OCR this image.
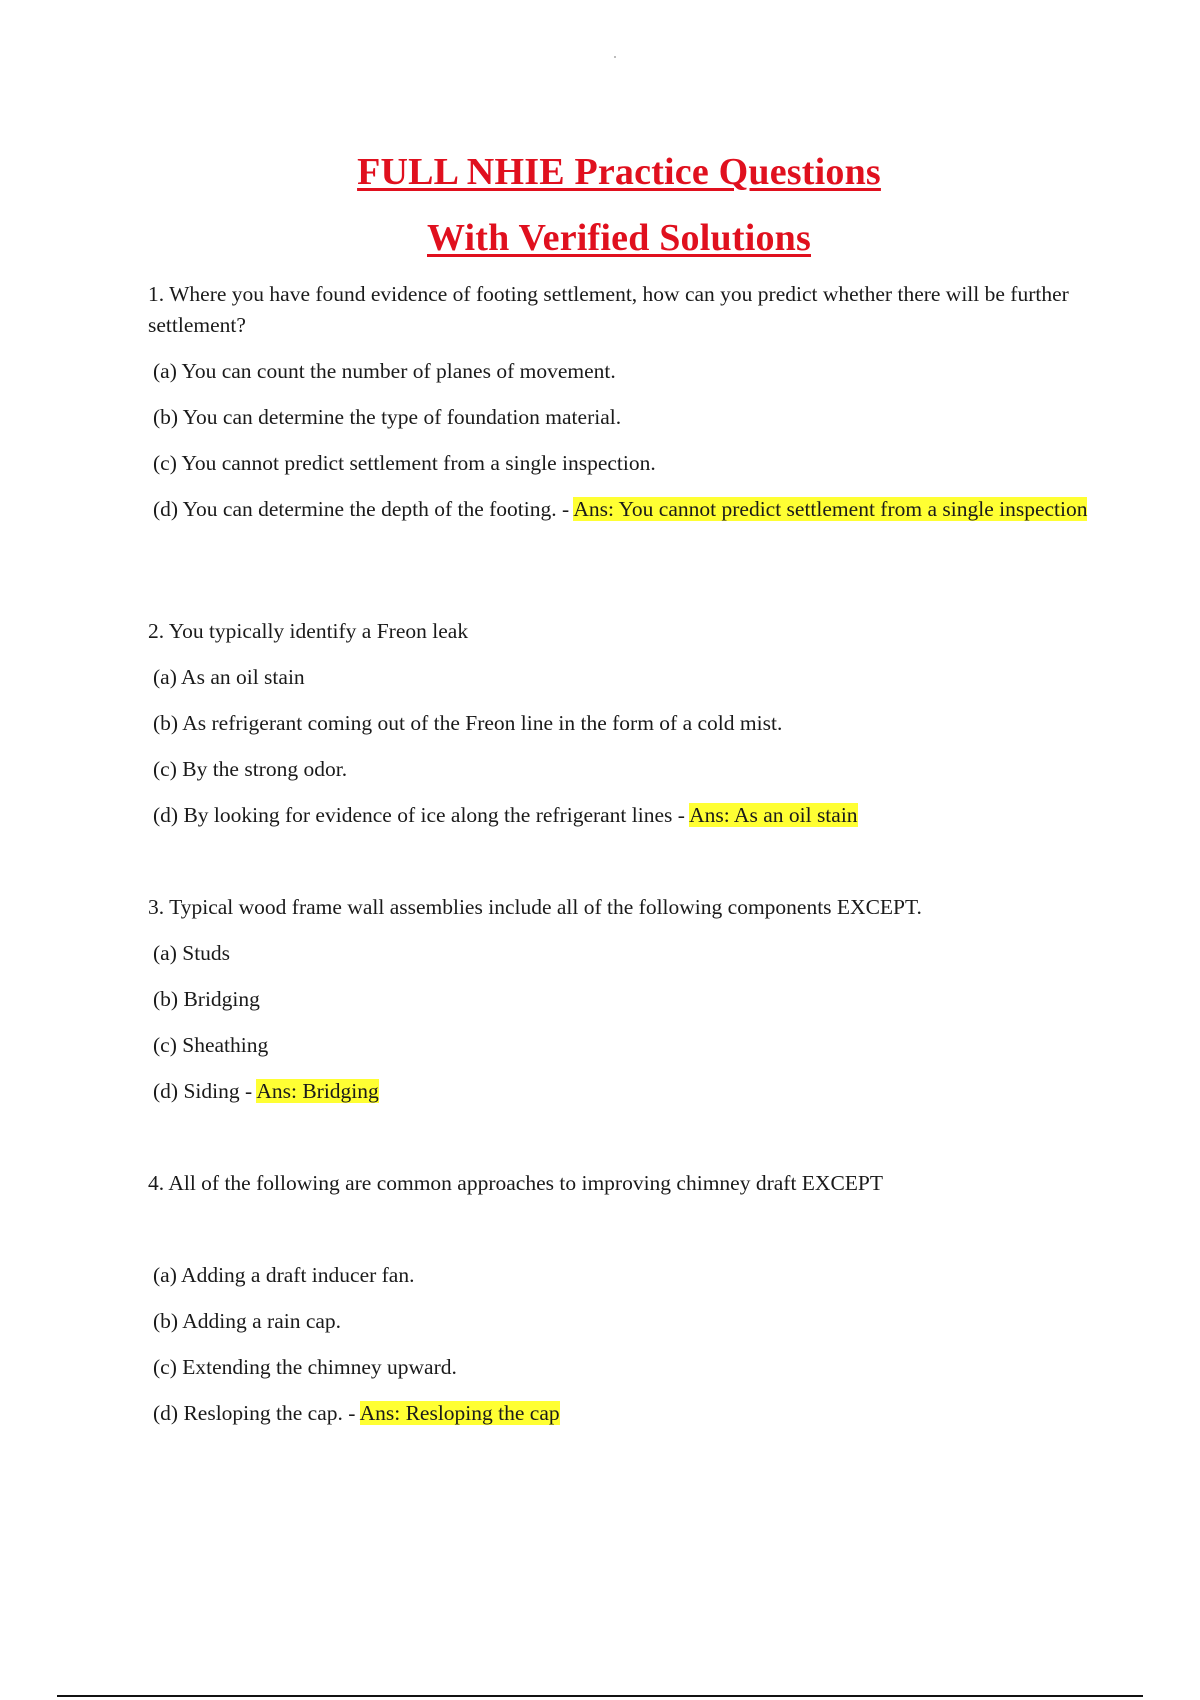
FULL NHIE Practice Questions
With Verified Solutions
1. Where you have found evidence of footing settlement, how can you predict whether there will be further settlement?
(a) You can count the number of planes of movement.
(b) You can determine the type of foundation material.
(c) You cannot predict settlement from a single inspection.
(d) You can determine the depth of the footing. - Ans: You cannot predict settlement from a single inspection
2. You typically identify a Freon leak
(a) As an oil stain
(b) As refrigerant coming out of the Freon line in the form of a cold mist.
(c) By the strong odor.
(d) By looking for evidence of ice along the refrigerant lines - Ans: As an oil stain
3. Typical wood frame wall assemblies include all of the following components EXCEPT.
(a) Studs
(b) Bridging
(c) Sheathing
(d) Siding - Ans: Bridging
4. All of the following are common approaches to improving chimney draft EXCEPT
(a) Adding a draft inducer fan.
(b) Adding a rain cap.
(c) Extending the chimney upward.
(d) Resloping the cap. - Ans: Resloping the cap
